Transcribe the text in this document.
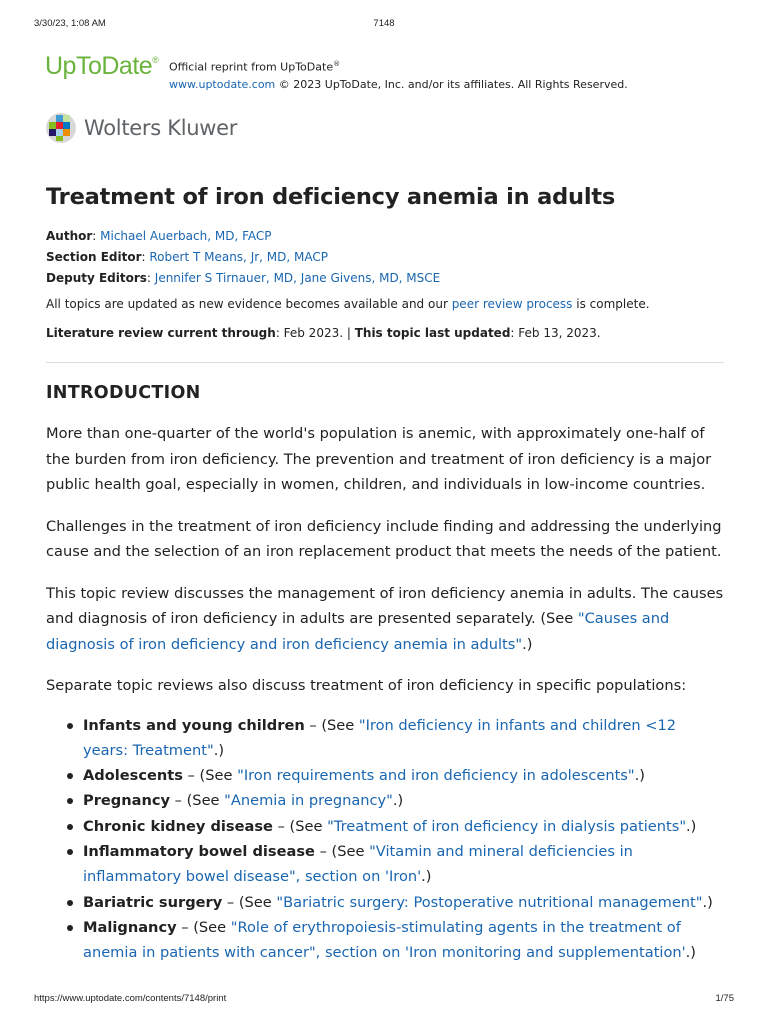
3/30/23, 1:08 AM	7148
UpToDate®
Official reprint from UpToDate®
www.uptodate.com © 2023 UpToDate, Inc. and/or its affiliates. All Rights Reserved.
Wolters Kluwer
Treatment of iron deficiency anemia in adults
Author: Michael Auerbach, MD, FACP
Section Editor: Robert T Means, Jr, MD, MACP
Deputy Editors: Jennifer S Tirnauer, MD, Jane Givens, MD, MSCE
All topics are updated as new evidence becomes available and our peer review process is complete.
Literature review current through: Feb 2023. | This topic last updated: Feb 13, 2023.
INTRODUCTION

More than one-quarter of the world's population is anemic, with approximately one-half of the burden from iron deficiency. The prevention and treatment of iron deficiency is a major public health goal, especially in women, children, and individuals in low-income countries.

Challenges in the treatment of iron deficiency include finding and addressing the underlying cause and the selection of an iron replacement product that meets the needs of the patient.

This topic review discusses the management of iron deficiency anemia in adults. The causes and diagnosis of iron deficiency in adults are presented separately. (See "Causes and diagnosis of iron deficiency and iron deficiency anemia in adults".)

Separate topic reviews also discuss treatment of iron deficiency in specific populations:

Infants and young children – (See "Iron deficiency in infants and children <12 years: Treatment".)
Adolescents – (See "Iron requirements and iron deficiency in adolescents".)
Pregnancy – (See "Anemia in pregnancy".)
Chronic kidney disease – (See "Treatment of iron deficiency in dialysis patients".)
Inflammatory bowel disease – (See "Vitamin and mineral deficiencies in inflammatory bowel disease", section on 'Iron'.)
Bariatric surgery – (See "Bariatric surgery: Postoperative nutritional management".)
Malignancy – (See "Role of erythropoiesis-stimulating agents in the treatment of anemia in patients with cancer", section on 'Iron monitoring and supplementation'.)
https://www.uptodate.com/contents/7148/print	1/75
